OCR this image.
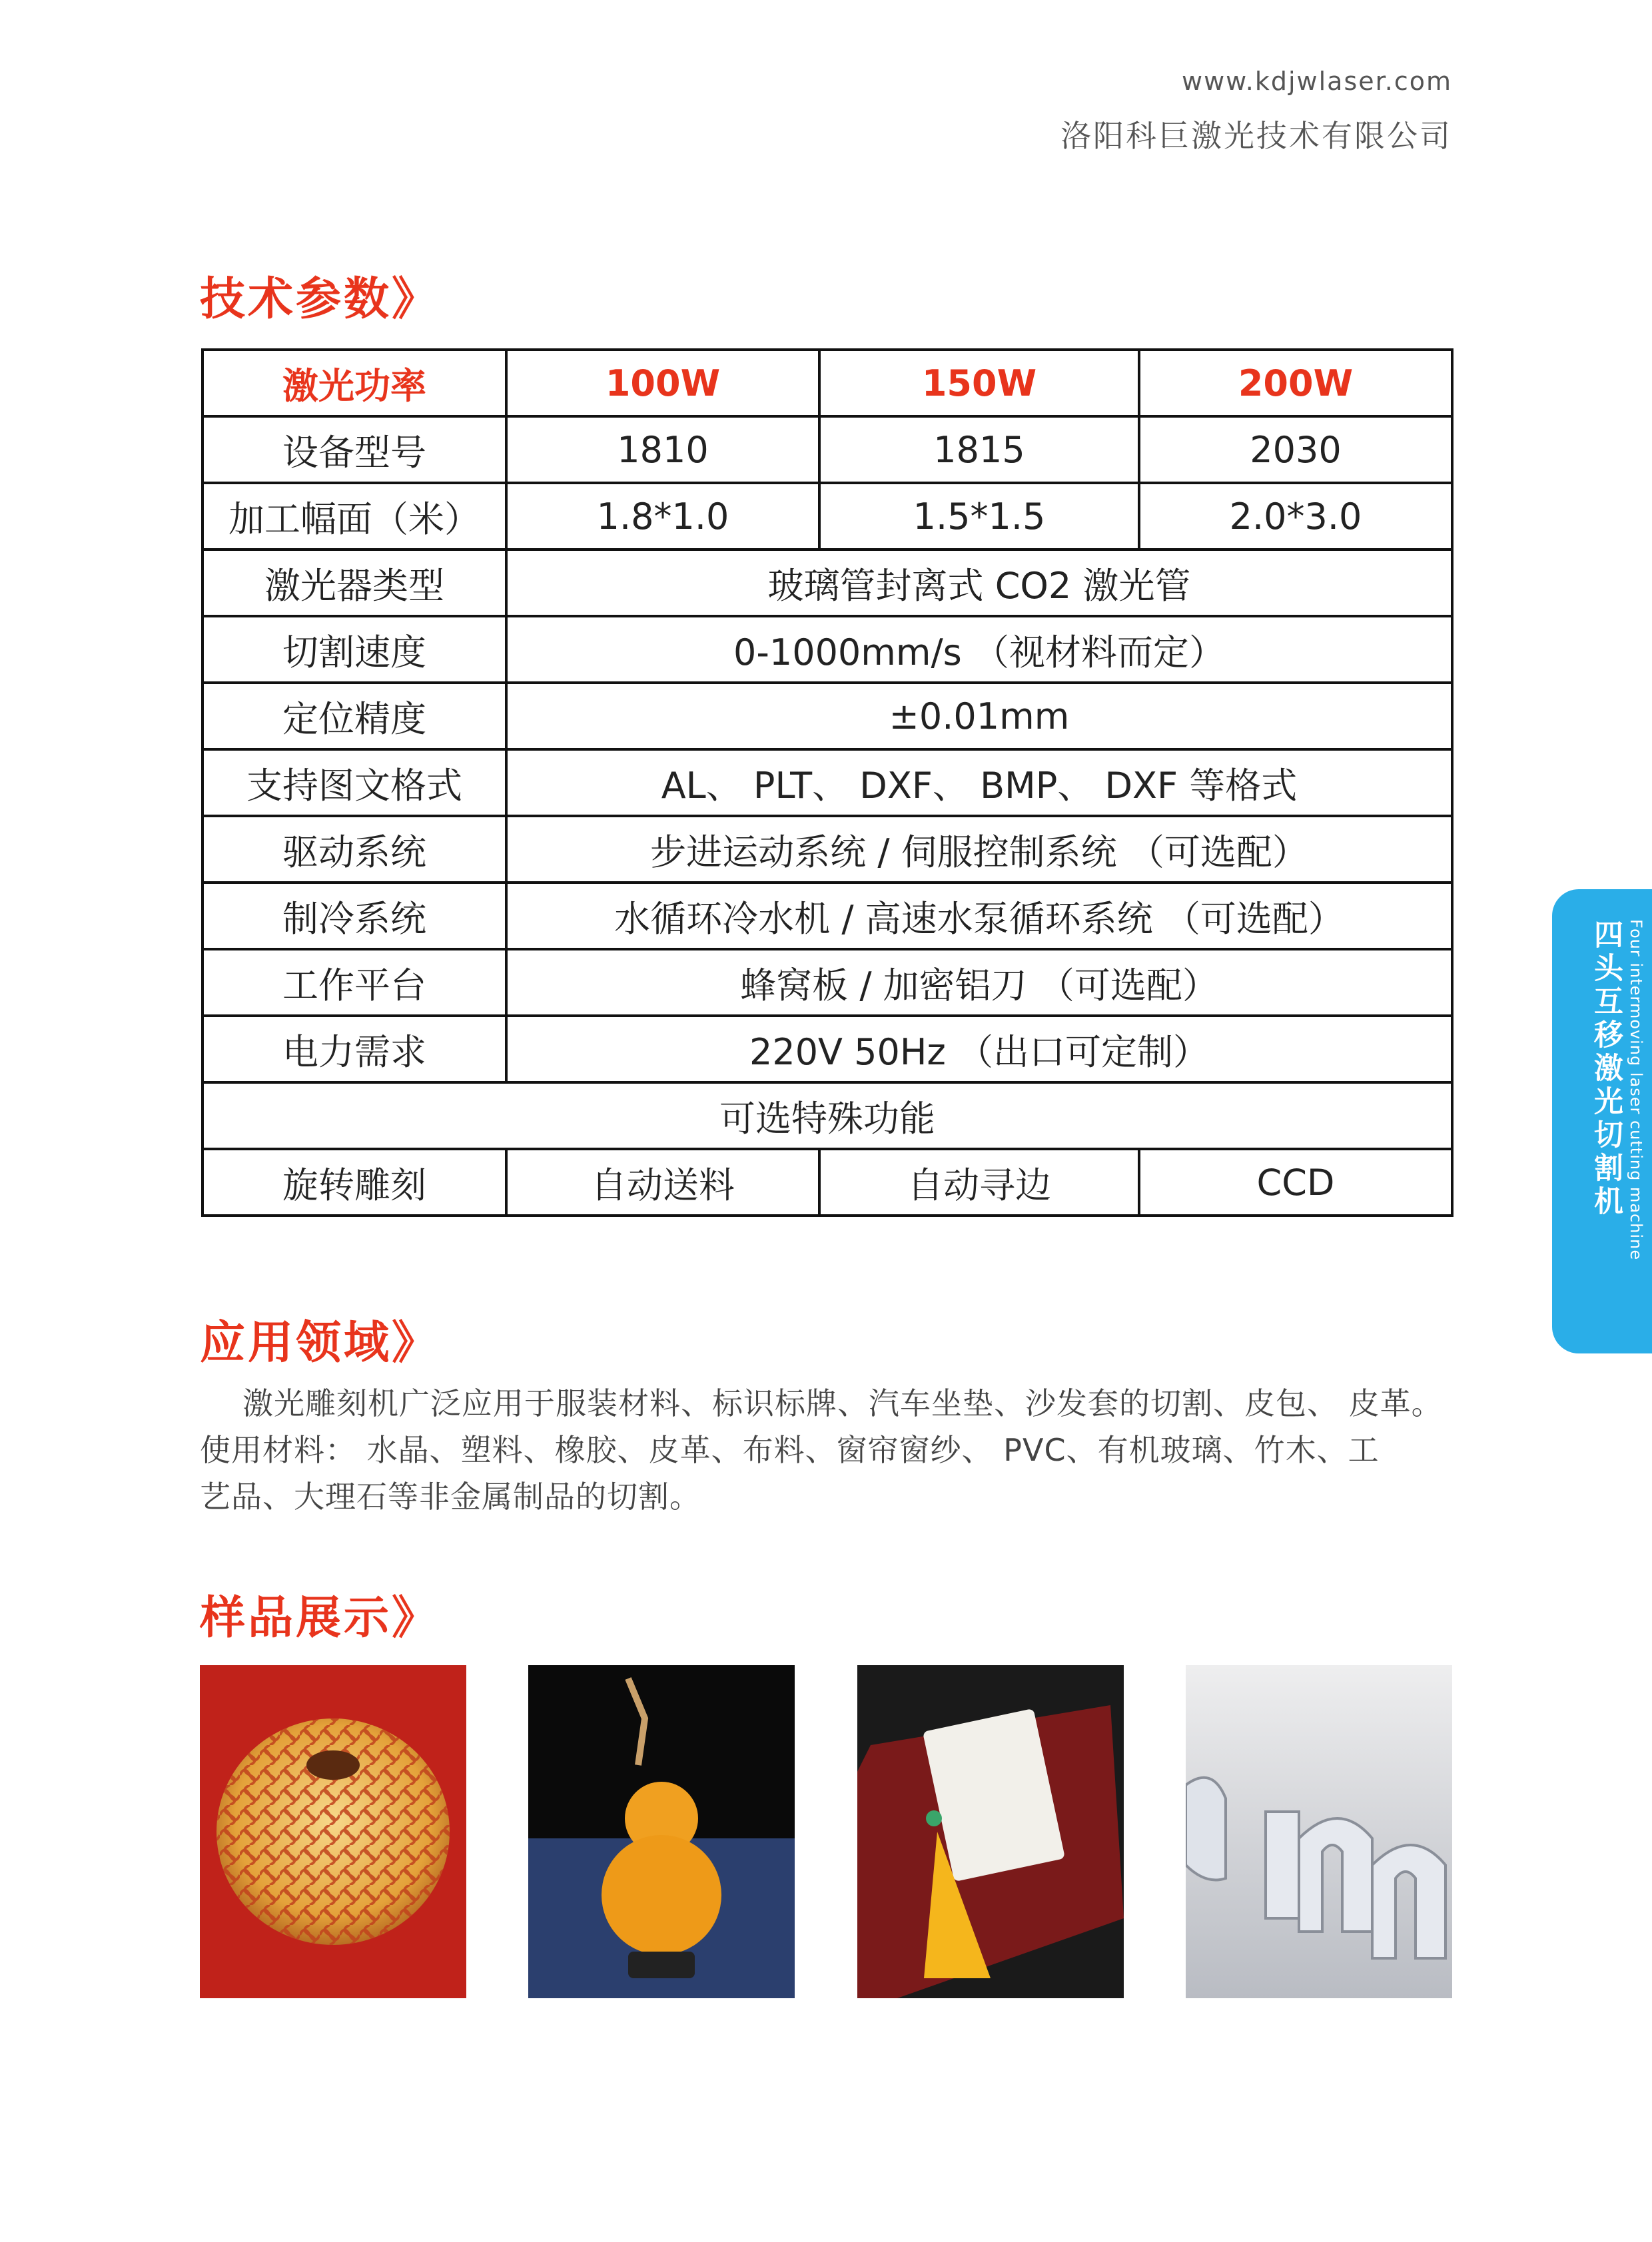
www.kdjwlaser.com
洛阳科巨激光技术有限公司
技术参数》
激光功率	100W	150W	200W
设备型号	1810	1815	2030
加工幅面（米）	1.8*1.0	1.5*1.5	2.0*3.0
激光器类型	玻璃管封离式 CO2 激光管		
切割速度	0-1000mm/s （视材料而定）		
定位精度	±0.01mm		
支持图文格式	AL、 PLT、 DXF、 BMP、 DXF 等格式		
驱动系统	步进运动系统 / 伺服控制系统 （可选配）		
制冷系统	水循环冷水机 / 高速水泵循环系统 （可选配）		
工作平台	蜂窝板 / 加密铝刀 （可选配）		
电力需求	220V 50Hz （出口可定制）		
可选特殊功能			
旋转雕刻	自动送料	自动寻边	CCD
应用领域》

激光雕刻机广泛应用于服装材料、标识标牌、汽车坐垫、沙发套的切割、皮包、 皮革。

使用材料： 水晶、塑料、橡胶、皮革、布料、窗帘窗纱、 PVC、有机玻璃、竹木、工

艺品、大理石等非金属制品的切割。

样品展示》
四头互移激光切割机 Four intermoving laser cutting machine
